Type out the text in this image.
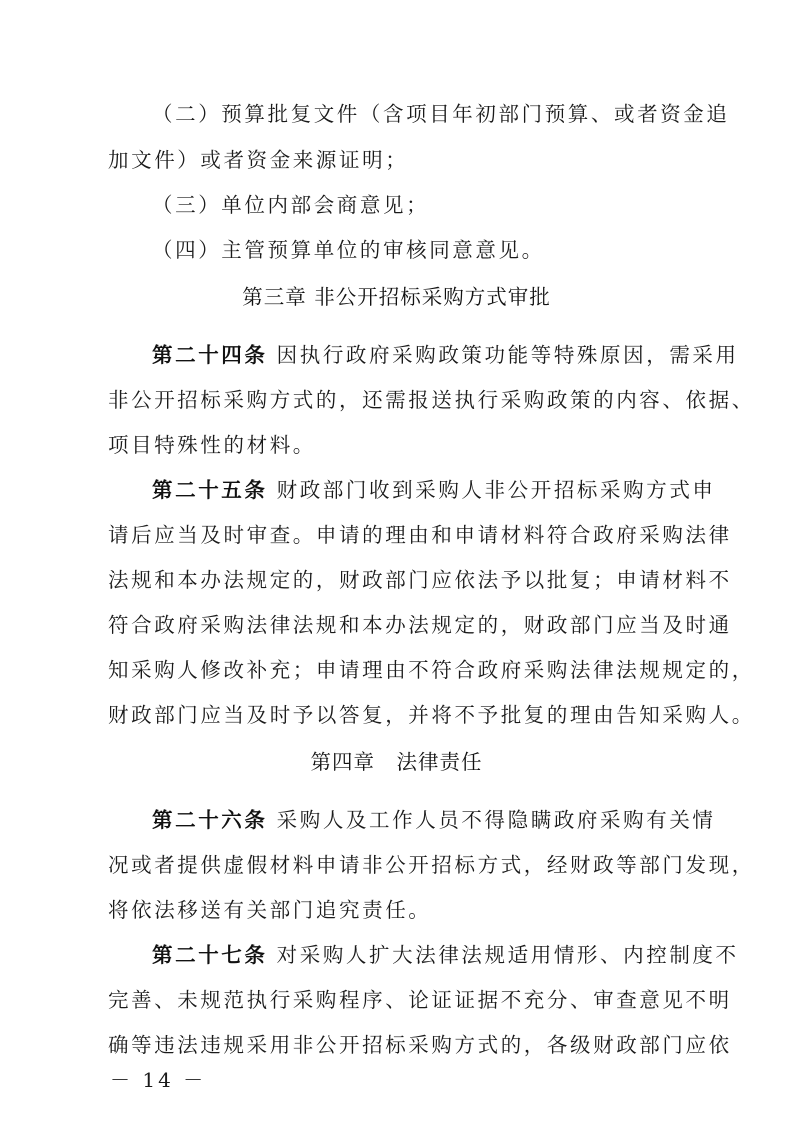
（二）预算批复文件（含项目年初部门预算、或者资金追
加文件）或者资金来源证明；
（三）单位内部会商意见；
（四）主管预算单位的审核同意意见。
第三章 非公开招标采购方式审批
第二十四条 因执行政府采购政策功能等特殊原因，需采用
非公开招标采购方式的，还需报送执行采购政策的内容、依据、
项目特殊性的材料。
第二十五条 财政部门收到采购人非公开招标采购方式申
请后应当及时审查。申请的理由和申请材料符合政府采购法律
法规和本办法规定的，财政部门应依法予以批复；申请材料不
符合政府采购法律法规和本办法规定的，财政部门应当及时通
知采购人修改补充；申请理由不符合政府采购法律法规规定的，
财政部门应当及时予以答复，并将不予批复的理由告知采购人。
第四章　法律责任
第二十六条 采购人及工作人员不得隐瞒政府采购有关情
况或者提供虚假材料申请非公开招标方式，经财政等部门发现，
将依法移送有关部门追究责任。
第二十七条 对采购人扩大法律法规适用情形、内控制度不
完善、未规范执行采购程序、论证证据不充分、审查意见不明
确等违法违规采用非公开招标采购方式的，各级财政部门应依
－ 14 －
